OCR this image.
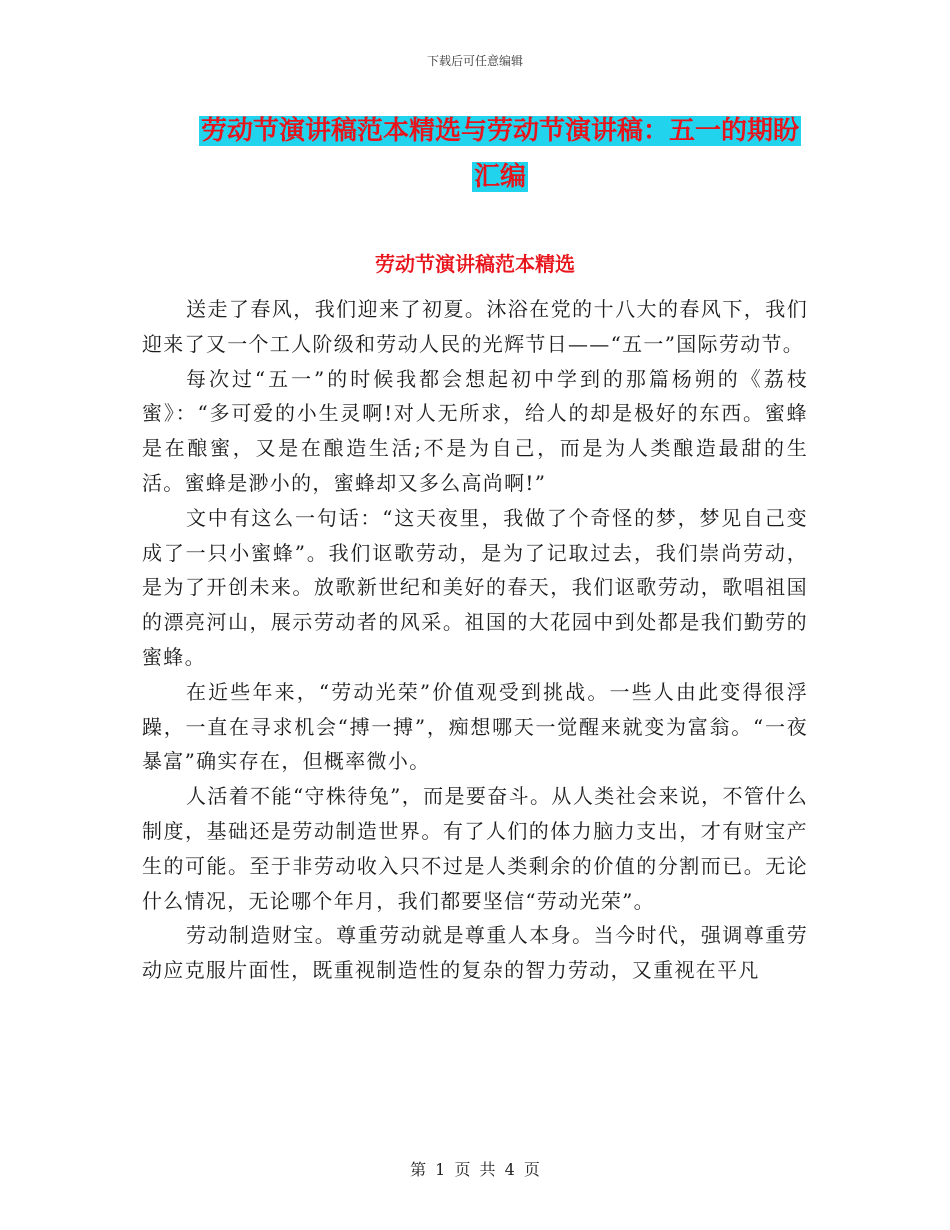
下载后可任意编辑
劳动节演讲稿范本精选与劳动节演讲稿：五一的期盼
汇编
劳动节演讲稿范本精选

送走了春风，我们迎来了初夏。沐浴在党的十八大的春风下，我们迎来了又一个工人阶级和劳动人民的光辉节日——“五一”国际劳动节。

每次过“五一”的时候我都会想起初中学到的那篇杨朔的《荔枝蜜》：“多可爱的小生灵啊!对人无所求，给人的却是极好的东西。蜜蜂是在酿蜜，又是在酿造生活;不是为自己，而是为人类酿造最甜的生活。蜜蜂是渺小的，蜜蜂却又多么高尚啊!”

文中有这么一句话：“这天夜里，我做了个奇怪的梦，梦见自己变成了一只小蜜蜂”。我们讴歌劳动，是为了记取过去，我们崇尚劳动，是为了开创未来。放歌新世纪和美好的春天，我们讴歌劳动，歌唱祖国的漂亮河山，展示劳动者的风采。祖国的大花园中到处都是我们勤劳的蜜蜂。

在近些年来，“劳动光荣”价值观受到挑战。一些人由此变得很浮躁，一直在寻求机会“搏一搏”，痴想哪天一觉醒来就变为富翁。“一夜暴富”确实存在，但概率微小。

人活着不能“守株待兔”，而是要奋斗。从人类社会来说，不管什么制度，基础还是劳动制造世界。有了人们的体力脑力支出，才有财宝产生的可能。至于非劳动收入只不过是人类剩余的价值的分割而已。无论什么情况，无论哪个年月，我们都要坚信“劳动光荣”。

劳动制造财宝。尊重劳动就是尊重人本身。当今时代，强调尊重劳动应克服片面性，既重视制造性的复杂的智力劳动，又重视在平凡

第 1 页 共 4 页
